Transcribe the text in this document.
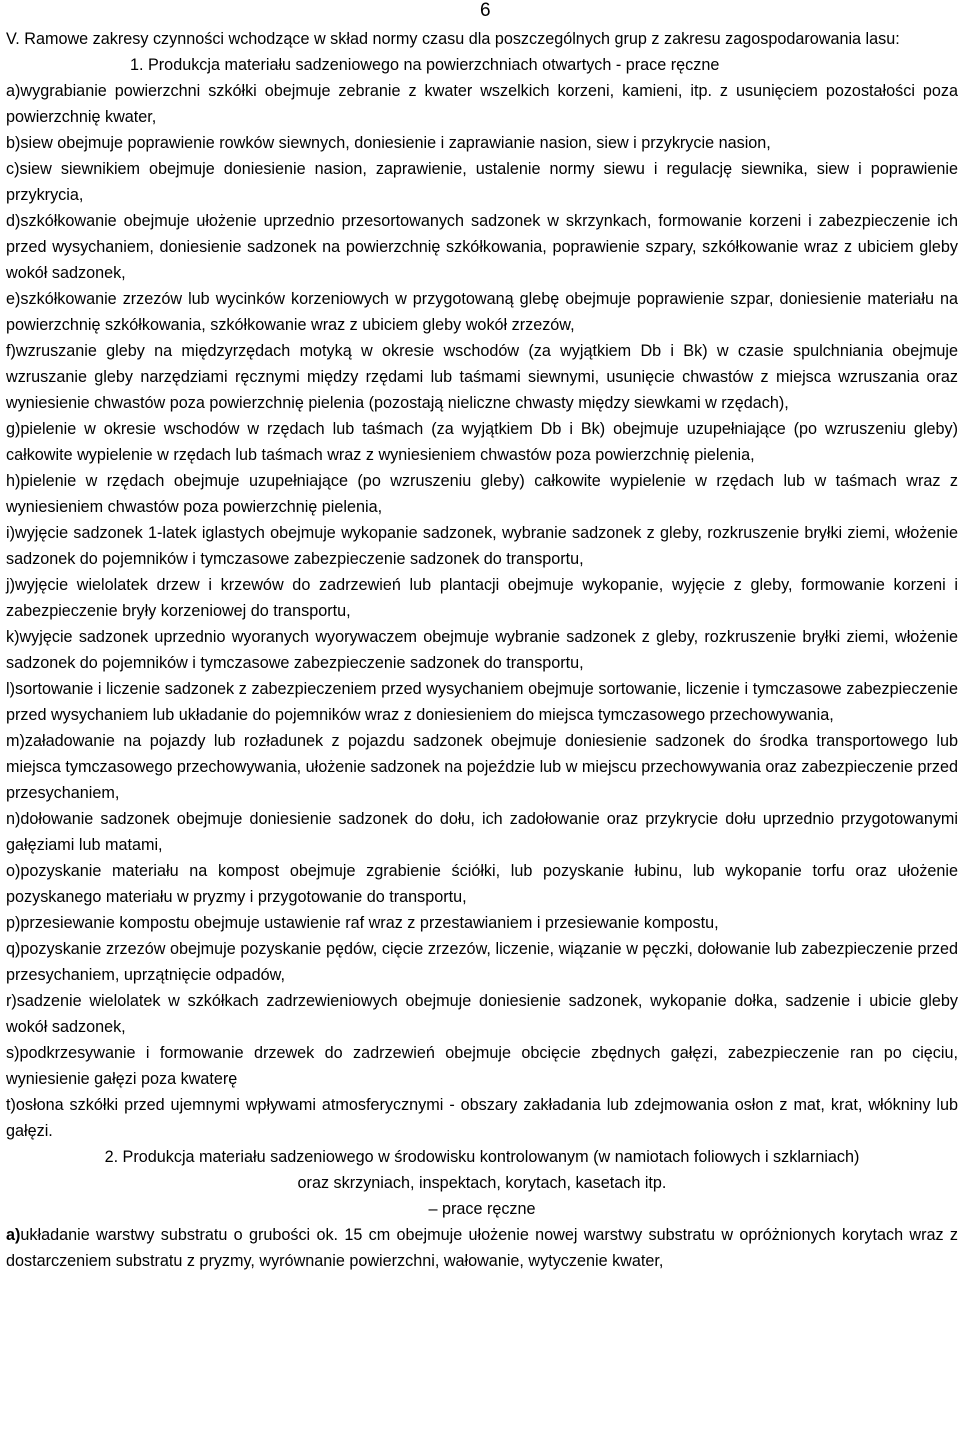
6

V. Ramowe zakresy czynności wchodzące w skład normy czasu dla poszczególnych grup z zakresu zagospodarowania lasu:

1. Produkcja materiału sadzeniowego na powierzchniach otwartych - prace ręczne

a)wygrabianie powierzchni szkółki obejmuje zebranie z kwater wszelkich korzeni, kamieni, itp. z usunięciem pozostałości poza powierzchnię kwater,

b)siew obejmuje poprawienie rowków siewnych, doniesienie i zaprawianie nasion, siew i przykrycie nasion,

c)siew siewnikiem obejmuje doniesienie nasion, zaprawienie, ustalenie normy siewu i regulację siewnika, siew i poprawienie przykrycia,

d)szkółkowanie obejmuje ułożenie uprzednio przesortowanych sadzonek w skrzynkach, formowanie korzeni i zabezpieczenie ich przed wysychaniem, doniesienie sadzonek na powierzchnię szkółkowania, poprawienie szpary, szkółkowanie wraz z ubiciem gleby wokół sadzonek,

e)szkółkowanie zrzezów lub wycinków korzeniowych w przygotowaną glebę obejmuje poprawienie szpar, doniesienie materiału na powierzchnię szkółkowania, szkółkowanie wraz z ubiciem gleby wokół zrzezów,

f)wzruszanie gleby na międzyrzędach motyką w okresie wschodów (za wyjątkiem Db i Bk) w czasie spulchniania obejmuje wzruszanie gleby narzędziami ręcznymi między rzędami lub taśmami siewnymi, usunięcie chwastów z miejsca wzruszania oraz wyniesienie chwastów poza powierzchnię pielenia (pozostają nieliczne chwasty między siewkami w rzędach),

g)pielenie w okresie wschodów w rzędach lub taśmach (za wyjątkiem Db i Bk) obejmuje uzupełniające (po wzruszeniu gleby) całkowite wypielenie w rzędach lub taśmach wraz z wyniesieniem chwastów poza powierzchnię pielenia,

h)pielenie w rzędach obejmuje uzupełniające (po wzruszeniu gleby) całkowite wypielenie w rzędach lub w taśmach wraz z wyniesieniem chwastów poza powierzchnię pielenia,

i)wyjęcie sadzonek 1-latek iglastych obejmuje wykopanie sadzonek, wybranie sadzonek z gleby, rozkruszenie bryłki ziemi, włożenie sadzonek do pojemników i tymczasowe zabezpieczenie sadzonek do transportu,

j)wyjęcie wielolatek drzew i krzewów do zadrzewień lub plantacji obejmuje wykopanie, wyjęcie z gleby, formowanie korzeni i zabezpieczenie bryły korzeniowej do transportu,

k)wyjęcie sadzonek uprzednio wyoranych wyorywaczem obejmuje wybranie sadzonek z gleby, rozkruszenie bryłki ziemi, włożenie sadzonek do pojemników i tymczasowe zabezpieczenie sadzonek do transportu,

l)sortowanie i liczenie sadzonek z zabezpieczeniem przed wysychaniem obejmuje sortowanie, liczenie i tymczasowe zabezpieczenie przed wysychaniem lub układanie do pojemników wraz z doniesieniem do miejsca tymczasowego przechowywania,

m)załadowanie na pojazdy lub rozładunek z pojazdu sadzonek obejmuje doniesienie sadzonek do środka transportowego lub miejsca tymczasowego przechowywania, ułożenie sadzonek na pojeździe lub w miejscu przechowywania oraz zabezpieczenie przed przesychaniem,

n)dołowanie sadzonek obejmuje doniesienie sadzonek do dołu, ich zadołowanie oraz przykrycie dołu uprzednio przygotowanymi gałęziami lub matami,

o)pozyskanie materiału na kompost obejmuje zgrabienie ściółki, lub pozyskanie łubinu, lub wykopanie torfu oraz ułożenie pozyskanego materiału w pryzmy i przygotowanie do transportu,

p)przesiewanie kompostu obejmuje ustawienie raf wraz z przestawianiem i przesiewanie kompostu,

q)pozyskanie zrzezów obejmuje pozyskanie pędów, cięcie zrzezów, liczenie, wiązanie w pęczki, dołowanie lub zabezpieczenie przed przesychaniem, uprzątnięcie odpadów,

r)sadzenie wielolatek w szkółkach zadrzewieniowych obejmuje doniesienie sadzonek, wykopanie dołka, sadzenie i ubicie gleby wokół sadzonek,

s)podkrzesywanie i formowanie drzewek do zadrzewień obejmuje obcięcie zbędnych gałęzi, zabezpieczenie ran po cięciu, wyniesienie gałęzi poza kwaterę

t)osłona szkółki przed ujemnymi wpływami atmosferycznymi - obszary zakładania lub zdejmowania osłon z mat, krat, włókniny lub gałęzi.

2. Produkcja materiału sadzeniowego w środowisku kontrolowanym (w namiotach foliowych i szklarniach)

oraz skrzyniach, inspektach, korytach, kasetach itp.

– prace ręczne

a)układanie warstwy substratu o grubości ok. 15 cm obejmuje ułożenie nowej warstwy substratu w opróżnionych korytach wraz z dostarczeniem substratu z pryzmy, wyrównanie powierzchni, wałowanie, wytyczenie kwater,
